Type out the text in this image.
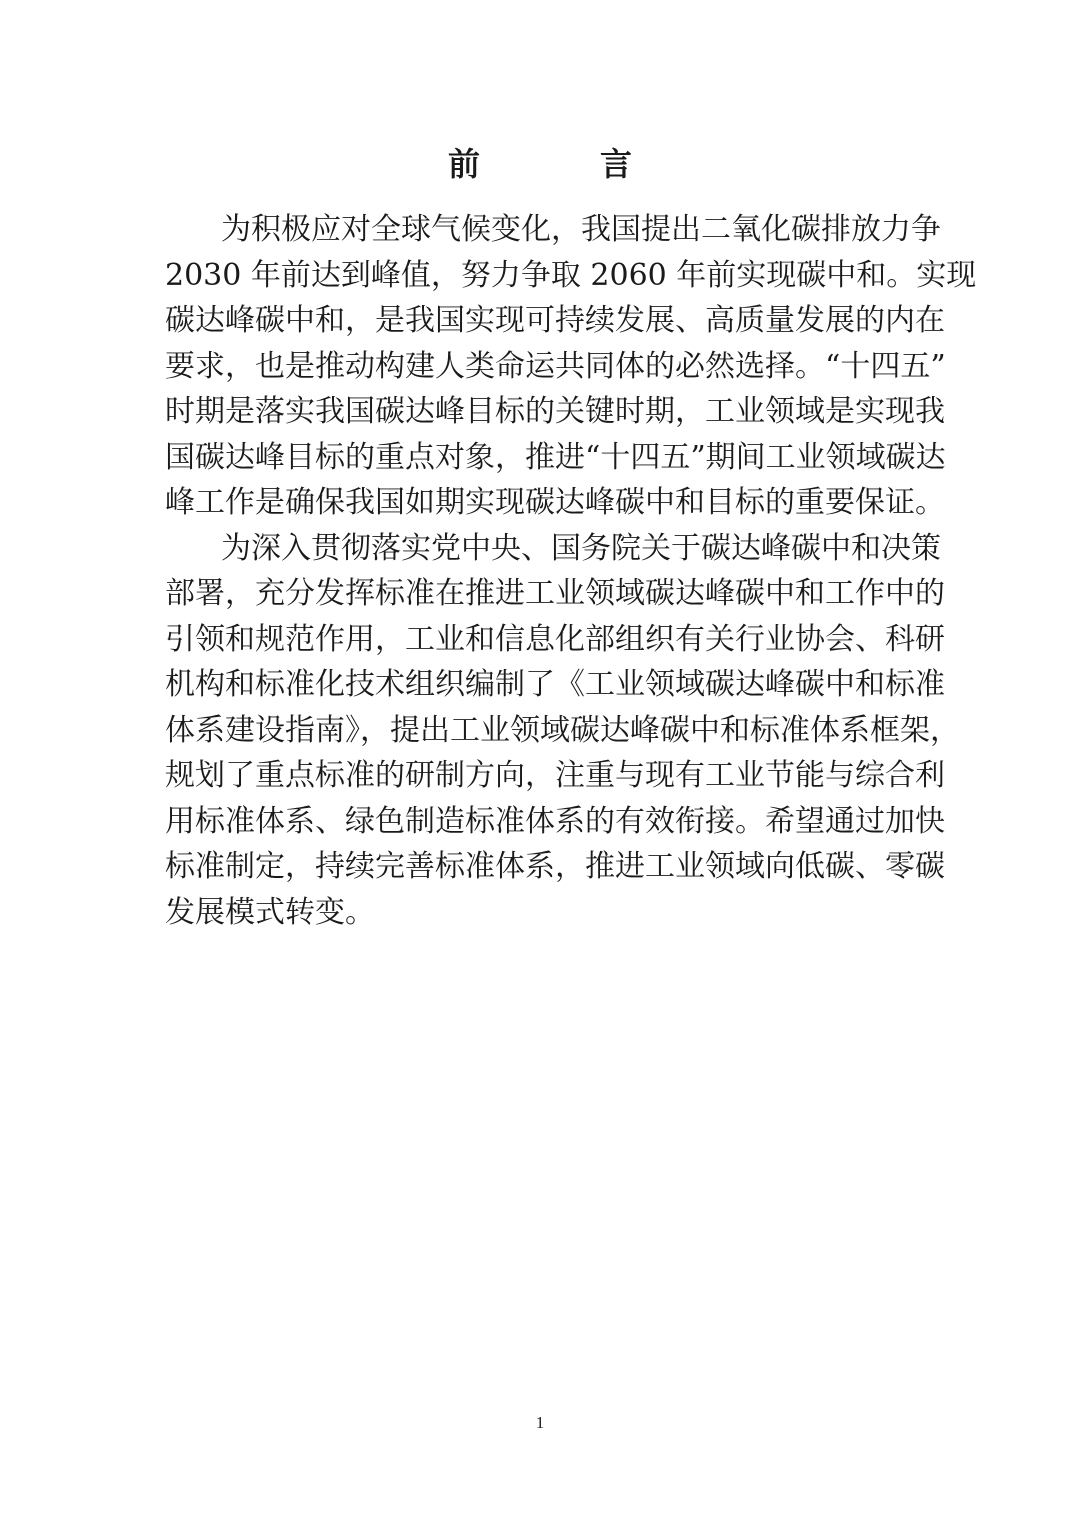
前　言

为积极应对全球气候变化，我国提出二氧化碳排放力争
2030 年前达到峰值，努力争取 2060 年前实现碳中和。实现
碳达峰碳中和，是我国实现可持续发展、高质量发展的内在
要求，也是推动构建人类命运共同体的必然选择。“十四五”
时期是落实我国碳达峰目标的关键时期，工业领域是实现我
国碳达峰目标的重点对象，推进“十四五”期间工业领域碳达
峰工作是确保我国如期实现碳达峰碳中和目标的重要保证。

为深入贯彻落实党中央、国务院关于碳达峰碳中和决策
部署，充分发挥标准在推进工业领域碳达峰碳中和工作中的
引领和规范作用，工业和信息化部组织有关行业协会、科研
机构和标准化技术组织编制了《工业领域碳达峰碳中和标准
体系建设指南》，提出工业领域碳达峰碳中和标准体系框架，
规划了重点标准的研制方向，注重与现有工业节能与综合利
用标准体系、绿色制造标准体系的有效衔接。希望通过加快
标准制定，持续完善标准体系，推进工业领域向低碳、零碳
发展模式转变。

1
